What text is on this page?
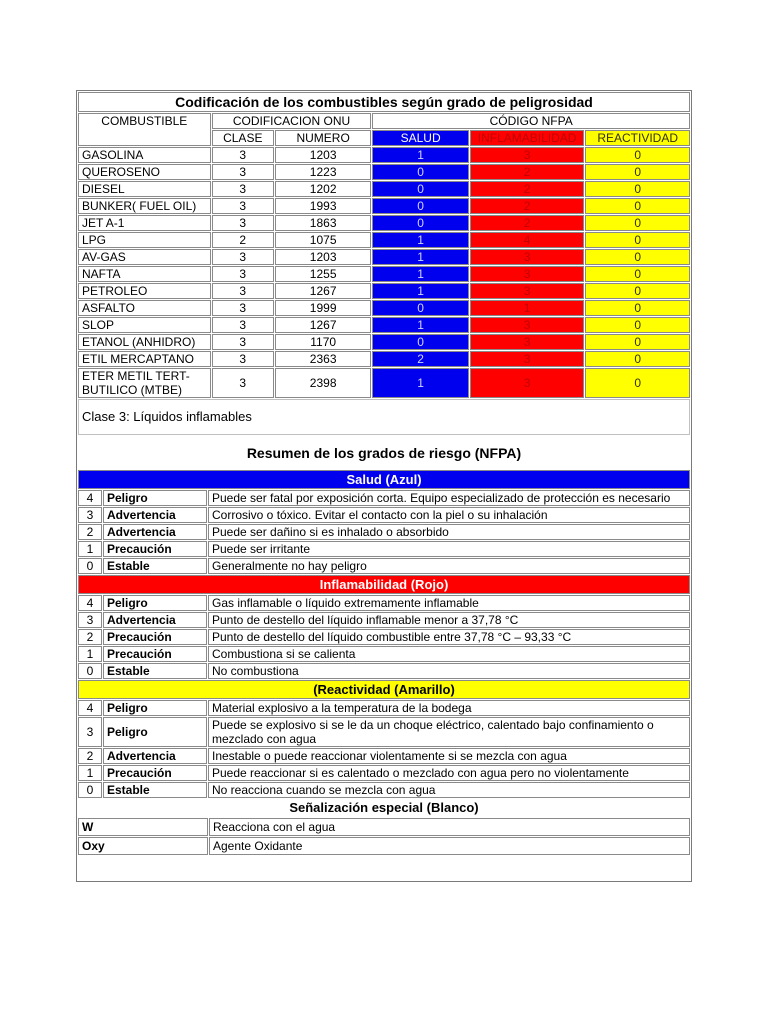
Codificación de los combustibles según grado de peligrosidad					
COMBUSTIBLE	CODIFICACION ONU		CÓDIGO NFPA		
	CLASE	NUMERO	SALUD	INFLAMABILIDAD	REACTIVIDAD
GASOLINA	3	1203	1	3	0
QUEROSENO	3	1223	0	2	0
DIESEL	3	1202	0	2	0
BUNKER( FUEL OIL)	3	1993	0	2	0
JET A-1	3	1863	0	2	0
LPG	2	1075	1	4	0
AV-GAS	3	1203	1	3	0
NAFTA	3	1255	1	3	0
PETROLEO	3	1267	1	3	0
ASFALTO	3	1999	0	1	0
SLOP	3	1267	1	3	0
ETANOL (ANHIDRO)	3	1170	0	3	0
ETIL MERCAPTANO	3	2363	2	3	0
ETER METIL TERT-BUTILICO (MTBE)	3	2398	1	3	0
Clase 3: Líquidos inflamables					
Resumen de los grados de riesgo (NFPA)		
Salud (Azul)		
4	Peligro	Puede ser fatal por exposición corta. Equipo especializado de protección es necesario
3	Advertencia	Corrosivo o tóxico. Evitar el contacto con la piel o su inhalación
2	Advertencia	Puede ser dañino si es inhalado o absorbido
1	Precaución	Puede ser irritante
0	Estable	Generalmente no hay peligro
Inflamabilidad (Rojo)		
4	Peligro	Gas inflamable o líquido extremamente inflamable
3	Advertencia	Punto de destello del líquido inflamable menor a 37,78 °C
2	Precaución	Punto de destello del líquido combustible entre 37,78 °C – 93,33 °C
1	Precaución	Combustiona si se calienta
0	Estable	No combustiona
(Reactividad (Amarillo)		
4	Peligro	Material explosivo a la temperatura de la bodega
3	Peligro	Puede se explosivo si se le da un choque eléctrico, calentado bajo confinamiento o mezclado con agua
2	Advertencia	Inestable o puede reaccionar violentamente si se mezcla con agua
1	Precaución	Puede reaccionar si es calentado o mezclado con agua pero no violentamente
0	Estable	No reacciona cuando se mezcla con agua
Señalización especial (Blanco)		
W	Reacciona con el agua
Oxy	Agente Oxidante
